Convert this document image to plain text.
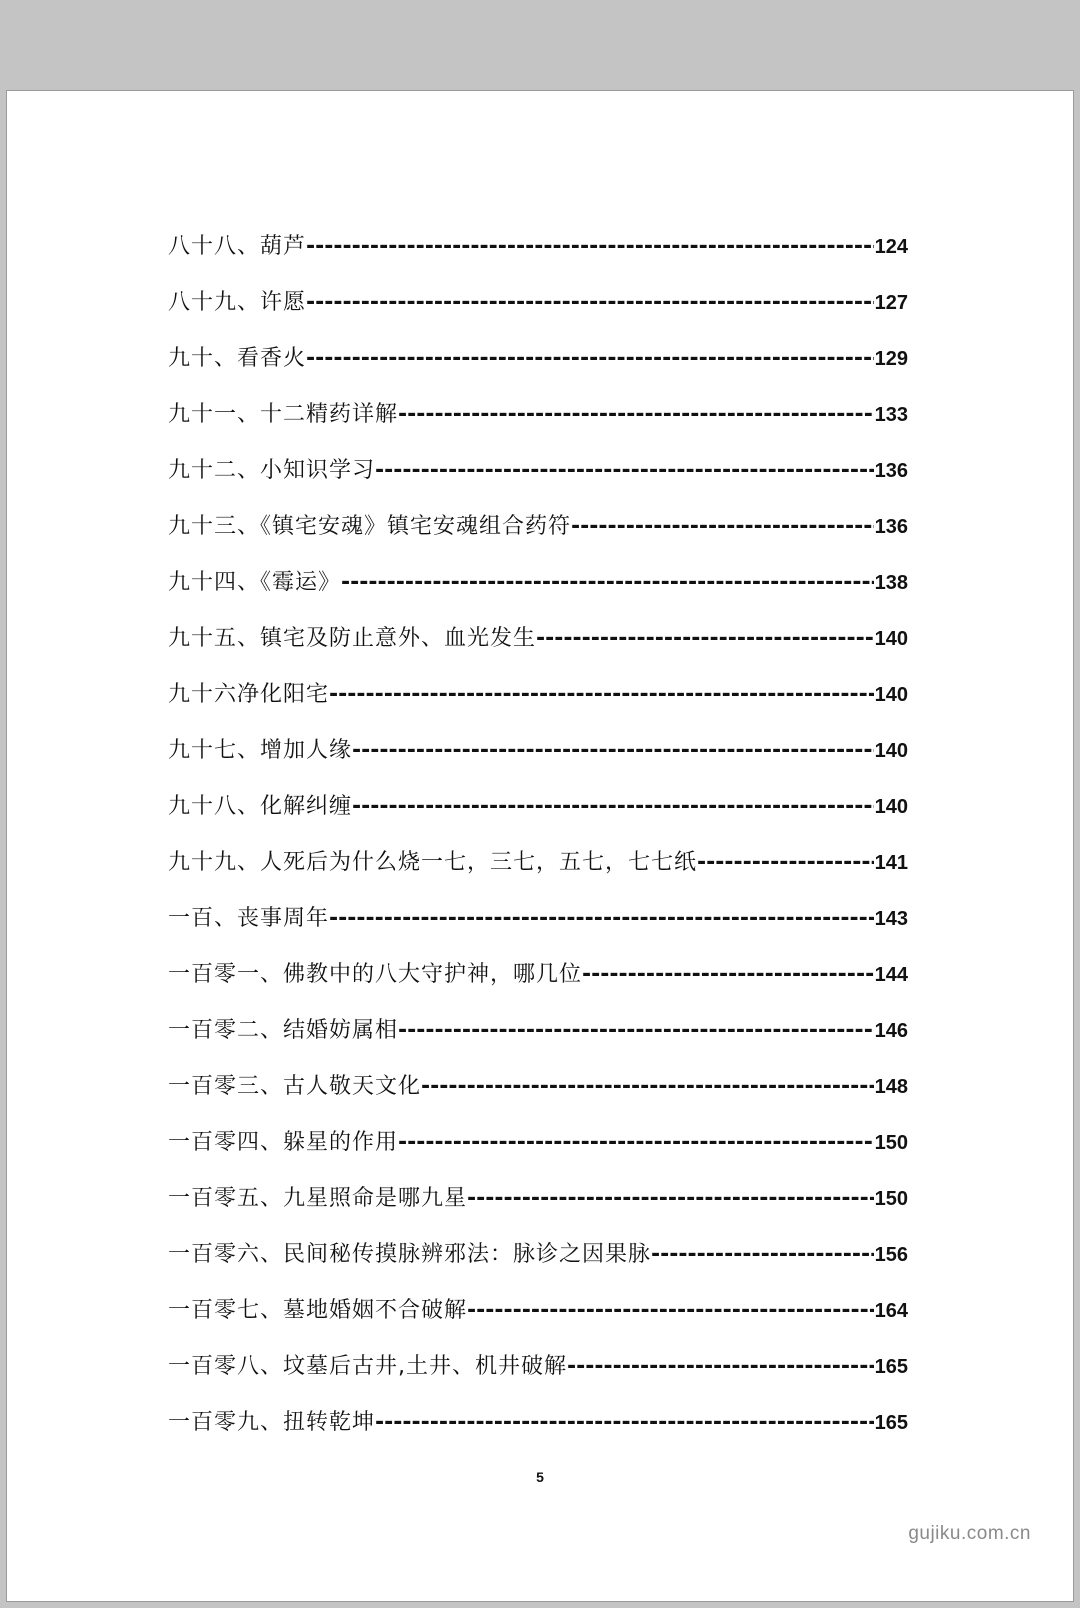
八十八、葫芦 -----	124
八十九、许愿 -----	127
九十、看香火 -----	129
九十一、十二精药详解 -----	133
九十二、小知识学习 -----	136
九十三、《镇宅安魂》镇宅安魂组合药符 -----	136
九十四、《霉运》 -----	138
九十五、镇宅及防止意外、血光发生 -----	140
九十六净化阳宅 -----	140
九十七、增加人缘 -----	140
九十八、化解纠缠 -----	140
九十九、人死后为什么烧一七，三七，五七，七七纸 -----	141
一百、丧事周年 -----	143
一百零一、佛教中的八大守护神，哪几位 -----	144
一百零二、结婚妨属相 -----	146
一百零三、古人敬天文化 -----	148
一百零四、躲星的作用 -----	150
一百零五、九星照命是哪九星 -----	150
一百零六、民间秘传摸脉辨邪法：脉诊之因果脉 -----	156
一百零七、墓地婚姻不合破解 -----	164
一百零八、坟墓后古井,土井、机井破解 -----	165
一百零九、扭转乾坤 -----	165
5
gujiku.com.cn
